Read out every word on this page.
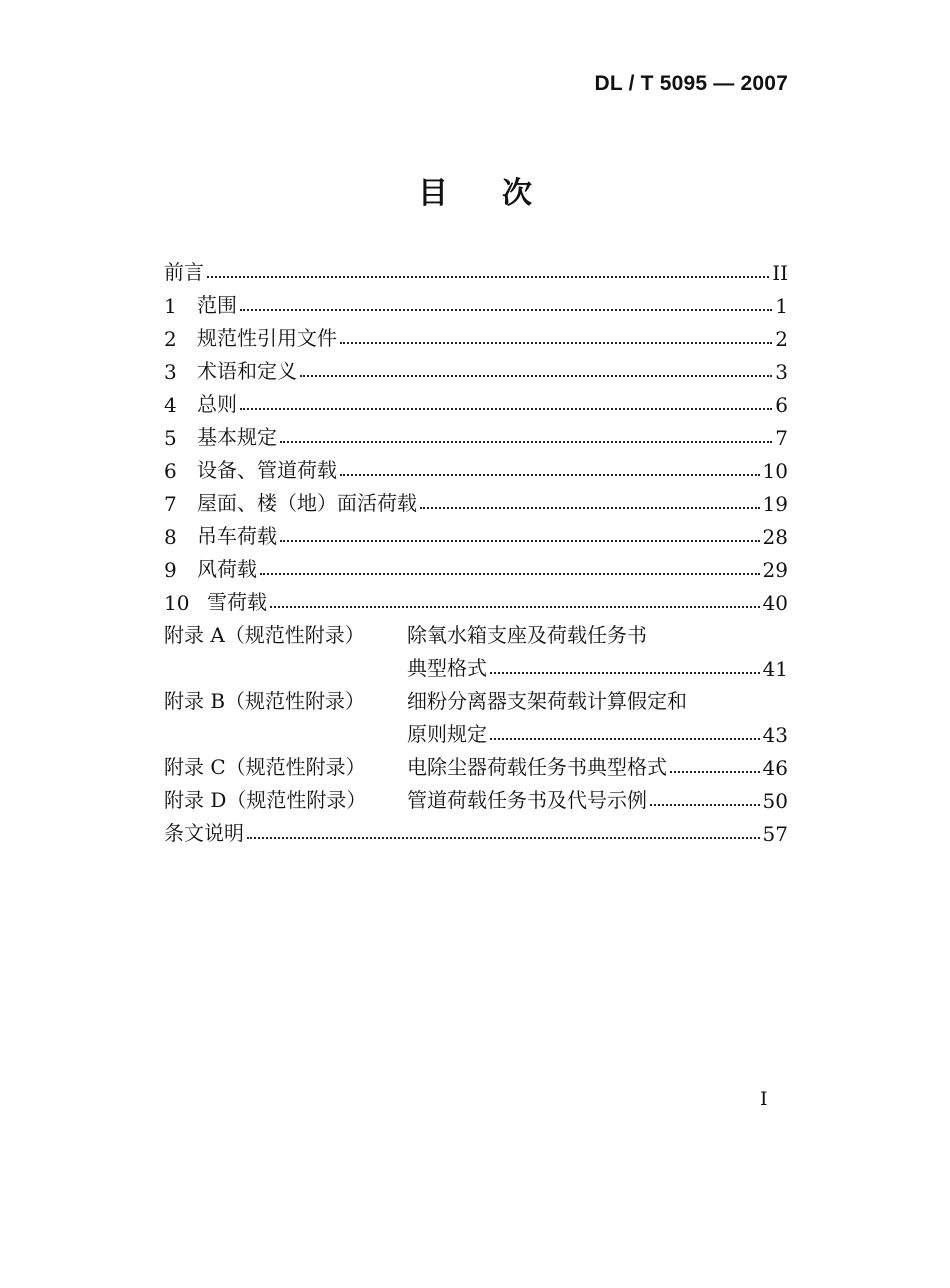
DL / T 5095 — 2007
目 次
前言	II
1	范围	1
2	规范性引用文件	2
3	术语和定义	3
4	总则	6
5	基本规定	7
6	设备、管道荷载	10
7	屋面、楼（地）面活荷载	19
8	吊车荷载	28
9	风荷载	29
10 雪荷载	40
附录 A（规范性附录） 除氧水箱支座及荷载任务书
典型格式	41
附录 B（规范性附录） 细粉分离器支架荷载计算假定和
原则规定	43
附录 C（规范性附录）	电除尘器荷载任务书典型格式	46
附录 D（规范性附录）	管道荷载任务书及代号示例	50
条文说明	57
I
